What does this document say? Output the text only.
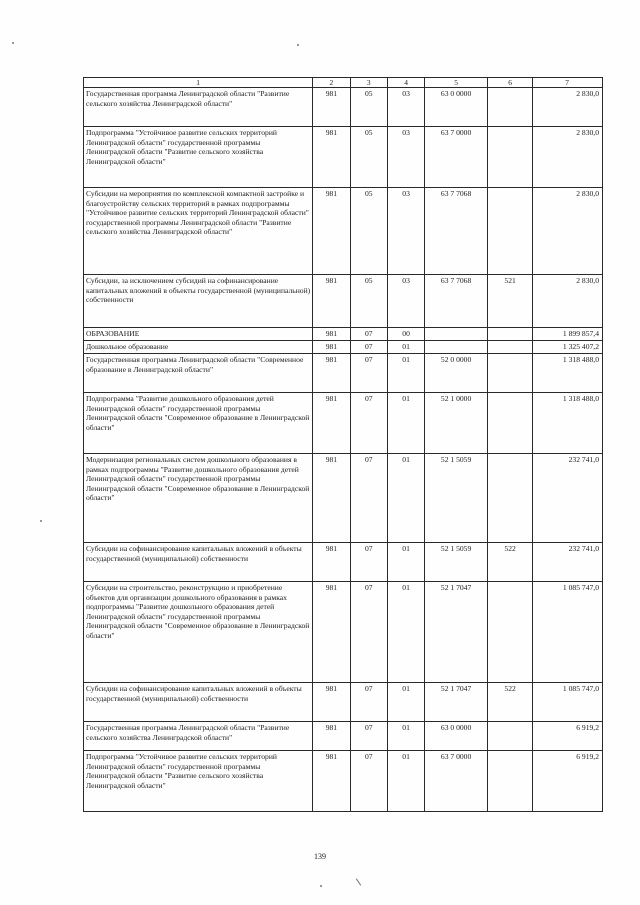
1	2	3	4	5	6	7
Государственная программа Ленинградской области "Развитие сельского хозяйства Ленинградской области"	981	05	03	63 0 0000		2 830,0
Подпрограмма "Устойчивое развитие сельских территорий Ленинградской области" государственной программы Ленинградской области "Развитие сельского хозяйства Ленинградской области"	981	05	03	63 7 0000		2 830,0
Субсидии на мероприятия по комплексной компактной застройке и благоустройству сельских территорий в рамках подпрограммы "Устойчивое развитие сельских территорий Ленинградской области" государственной программы Ленинградской области "Развитие сельского хозяйства Ленинградской области"	981	05	03	63 7 7068		2 830,0
Субсидии, за исключением субсидий на софинансирование капитальных вложений в объекты государственной (муниципальной) собственности	981	05	03	63 7 7068	521	2 830,0
ОБРАЗОВАНИЕ	981	07	00			1 899 857,4
Дошкольное образование	981	07	01			1 325 407,2
Государственная программа Ленинградской области "Современное образование в Ленинградской области"	981	07	01	52 0 0000		1 318 488,0
Подпрограмма "Развитие дошкольного образования детей Ленинградской области" государственной программы Ленинградской области "Современное образование в Ленинградской области"	981	07	01	52 1 0000		1 318 488,0
Модернизация региональных систем дошкольного образования в рамках подпрограммы "Развитие дошкольного образования детей Ленинградской области" государственной программы Ленинградской области "Современное образование в Ленинградской области"	981	07	01	52 1 5059		232 741,0
Субсидии на софинансирование капитальных вложений в объекты государственной (муниципальной) собственности	981	07	01	52 1 5059	522	232 741,0
Субсидии на строительство, реконструкцию и приобретение объектов для организации дошкольного образования в рамках подпрограммы "Развитие дошкольного образования детей Ленинградской области" государственной программы Ленинградской области "Современное образование в Ленинградской области"	981	07	01	52 1 7047		1 085 747,0
Субсидии на софинансирование капитальных вложений в объекты государственной (муниципальной) собственности	981	07	01	52 1 7047	522	1 085 747,0
Государственная программа Ленинградской области "Развитие сельского хозяйства Ленинградской области"	981	07	01	63 0 0000		6 919,2
Подпрограмма "Устойчивое развитие сельских территорий Ленинградской области" государственной программы Ленинградской области "Развитие сельского хозяйства Ленинградской области"	981	07	01	63 7 0000		6 919,2
139
